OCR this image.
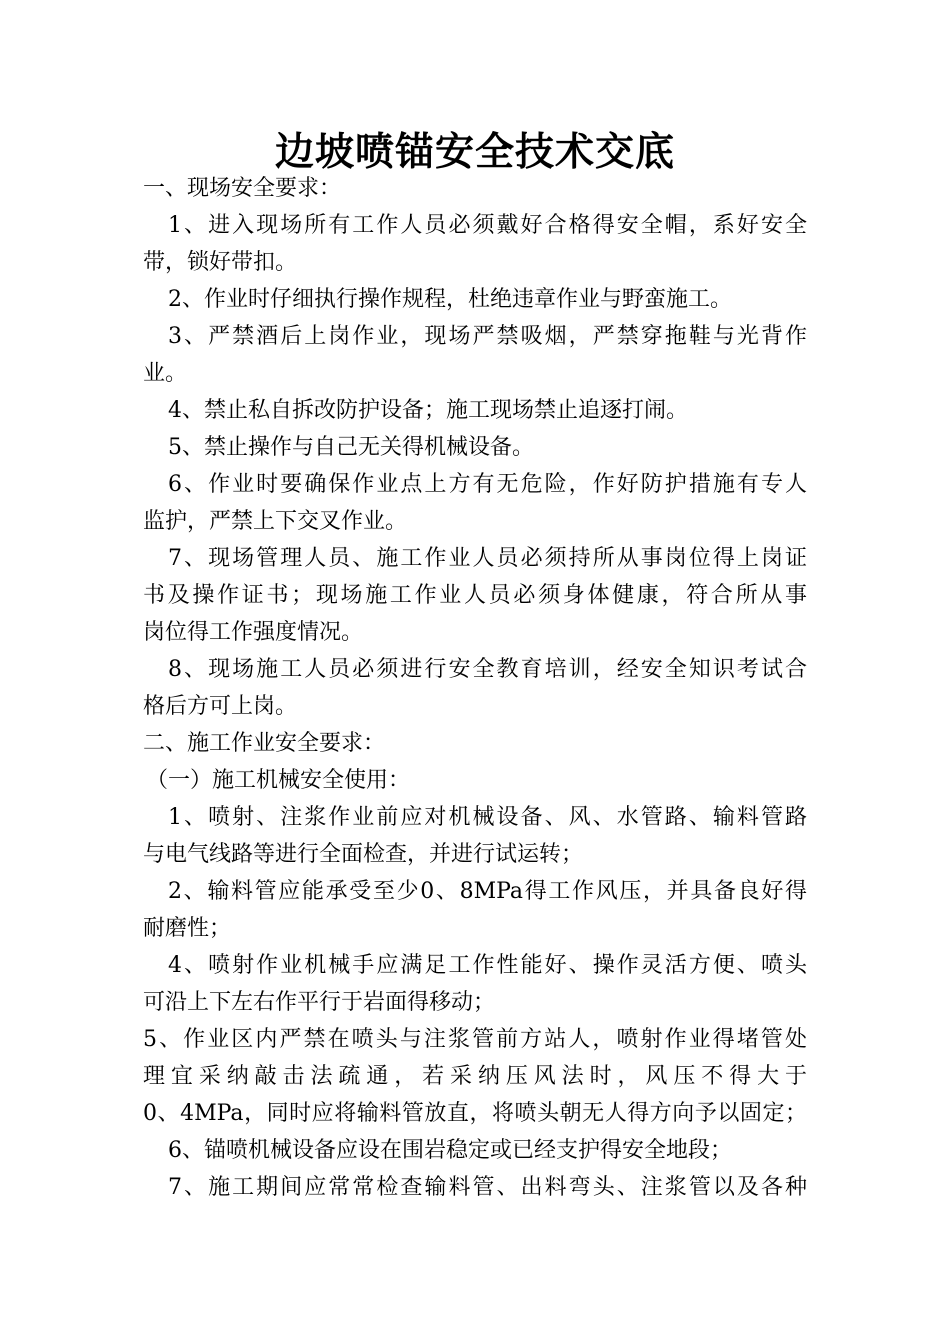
边坡喷锚安全技术交底
一、现场安全要求：
1、进入现场所有工作人员必须戴好合格得安全帽，系好安全
带，锁好带扣。
2、作业时仔细执行操作规程，杜绝违章作业与野蛮施工。
3、严禁酒后上岗作业，现场严禁吸烟，严禁穿拖鞋与光背作
业。
4、禁止私自拆改防护设备；施工现场禁止追逐打闹。
5、禁止操作与自己无关得机械设备。
6、作业时要确保作业点上方有无危险，作好防护措施有专人
监护，严禁上下交叉作业。
7、现场管理人员、施工作业人员必须持所从事岗位得上岗证
书及操作证书；现场施工作业人员必须身体健康，符合所从事
岗位得工作强度情况。
8、现场施工人员必须进行安全教育培训，经安全知识考试合
格后方可上岗。
二、施工作业安全要求：
（一）施工机械安全使用：
1、喷射、注浆作业前应对机械设备、风、水管路、输料管路
与电气线路等进行全面检查，并进行试运转；
2、输料管应能承受至少0、8MPa得工作风压，并具备良好得
耐磨性；
4、喷射作业机械手应满足工作性能好、操作灵活方便、喷头
可沿上下左右作平行于岩面得移动；
5、作业区内严禁在喷头与注浆管前方站人，喷射作业得堵管处
理宜采纳敲击法疏通，若采纳压风法时，风压不得大于
0、4MPa，同时应将输料管放直，将喷头朝无人得方向予以固定；
6、锚喷机械设备应设在围岩稳定或已经支护得安全地段；
7、施工期间应常常检查输料管、出料弯头、注浆管以及各种
